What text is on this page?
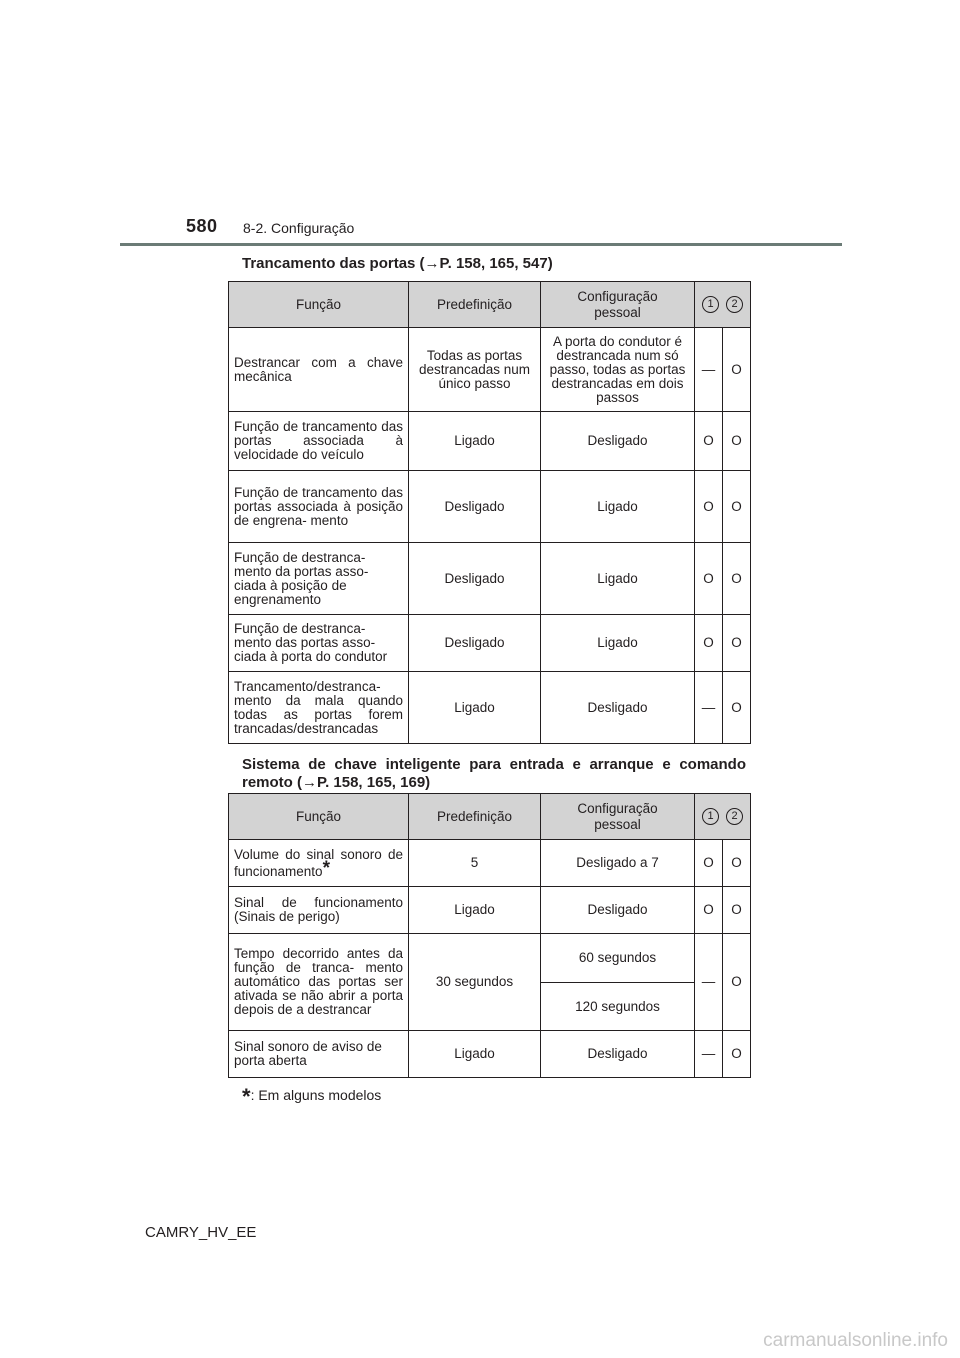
580 8-2. Configuração
Trancamento das portas (→P. 158, 165, 547)
Função	Predefinição	Configuração pessoal	1 2	

Destrancar com a chave mecânica	Todas as portas destrancadas num único passo	A porta do condutor é destrancada num só passo, todas as portas destrancadas em dois passos	—	O
Função de trancamento das portas associada à velocidade do veículo	Ligado	Desligado	O	O
Função de trancamento das portas associada à posição de engrena- mento	Desligado	Ligado	O	O
Função de destranca- mento da portas asso- ciada à posição de engrenamento	Desligado	Ligado	O	O
Função de destranca- mento das portas asso- ciada à porta do condutor	Desligado	Ligado	O	O
Trancamento/destranca- mento da mala quando todas as portas forem trancadas/destrancadas	Ligado	Desligado	—	O
Sistema de chave inteligente para entrada e arranque e comando remoto (→P. 158, 165, 169)
Função	Predefinição	Configuração pessoal	1 2	

Volume do sinal sonoro de funcionamento*	5	Desligado a 7	O	O
Sinal de funcionamento (Sinais de perigo)	Ligado	Desligado	O	O
Tempo decorrido antes da função de tranca- mento automático das portas ser ativada se não abrir a porta depois de a destrancar	30 segundos	60 segundos	—	O
		120 segundos		
Sinal sonoro de aviso de porta aberta	Ligado	Desligado	—	O
*: Em alguns modelos
CAMRY_HV_EE
carmanualsonline.info
